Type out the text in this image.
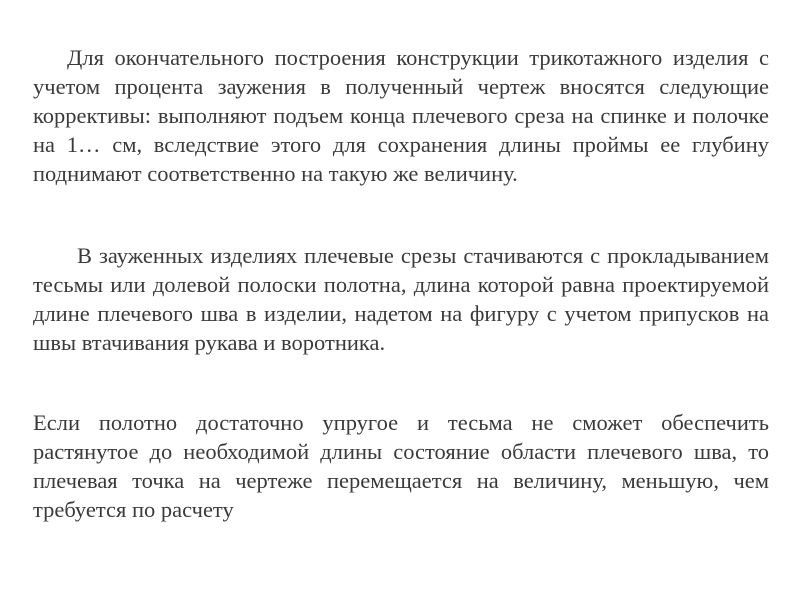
Для окончательного построения конструкции трикотажного изделия с учетом процента заужения в полученный чертеж вносятся следующие коррективы: выполняют подъем конца плечевого среза на спинке и полочке на 1… см, вследствие этого для сохранения длины проймы ее глубину поднимают соответственно на такую же величину.

В зауженных изделиях плечевые срезы стачиваются с прокладыванием тесьмы или долевой полоски полотна, длина которой равна проектируемой длине плечевого шва в изделии, надетом на фигуру с учетом припусков на швы втачивания рукава и воротника.

Если полотно достаточно упругое и тесьма не сможет обеспечить растянутое до необходимой длины состояние области плечевого шва, то плечевая точка на чертеже перемещается на величину, меньшую, чем требуется по расчету
